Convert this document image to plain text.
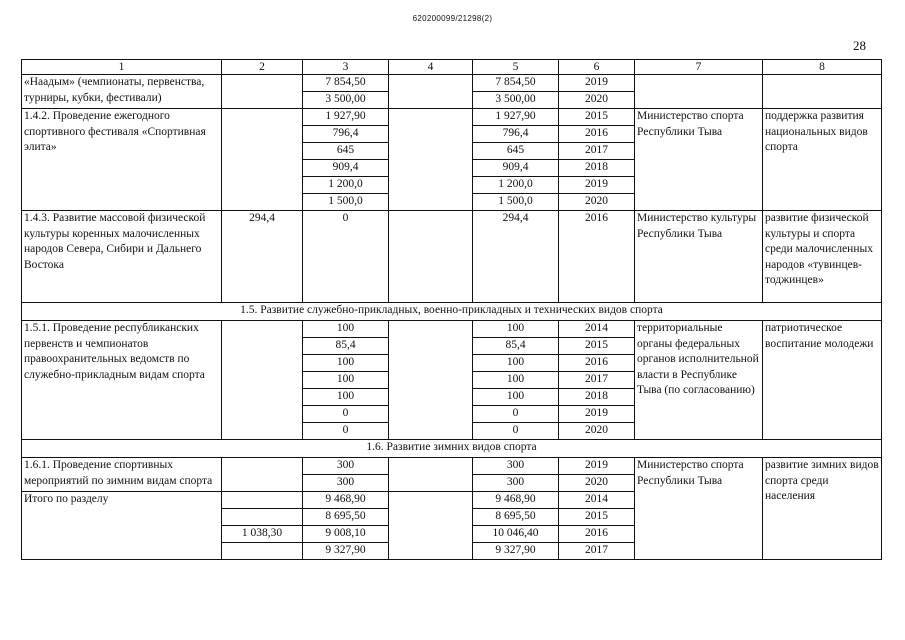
620200099/21298(2)
28
1	2	3	4	5	6	7	8
«Наадым» (чемпионаты, первенства, турниры, кубки, фестивали)		7 854,50		7 854,50	2019		
		3 500,00		3 500,00	2020		
1.4.2. Проведение ежегодного спортивного фестиваля «Спортивная элита»		1 927,90		1 927,90	2015	Министерство спорта Республики Тыва	поддержка развития национальных видов спорта
		796,4		796,4	2016		
		645		645	2017		
		909,4		909,4	2018		
		1 200,0		1 200,0	2019		
		1 500,0		1 500,0	2020		
1.4.3. Развитие массовой физической культуры коренных малочисленных народов Севера, Сибири и Дальнего Востока	294,4	0		294,4	2016	Министерство культуры Республики Тыва	развитие физической культуры и спорта среди малочисленных народов «тувинцев-тоджинцев»
1.5. Развитие служебно-прикладных, военно-прикладных и технических видов спорта							
1.5.1. Проведение республиканских первенств и чемпионатов правоохранительных ведомств по служебно-прикладным видам спорта		100		100	2014	территориальные органы федеральных органов исполнительной власти в Республике Тыва (по согласованию)	патриотическое воспитание молодежи
		85,4		85,4	2015		
		100		100	2016		
		100		100	2017		
		100		100	2018		
		0		0	2019		
		0		0	2020		
1.6. Развитие зимних видов спорта							
1.6.1. Проведение спортивных мероприятий по зимним видам спорта		300		300	2019	Министерство спорта Республики Тыва	развитие зимних видов спорта среди населения
		300		300	2020		
Итого по разделу		9 468,90		9 468,90	2014		
		8 695,50		8 695,50	2015		
	1 038,30	9 008,10		10 046,40	2016		
		9 327,90		9 327,90	2017		
